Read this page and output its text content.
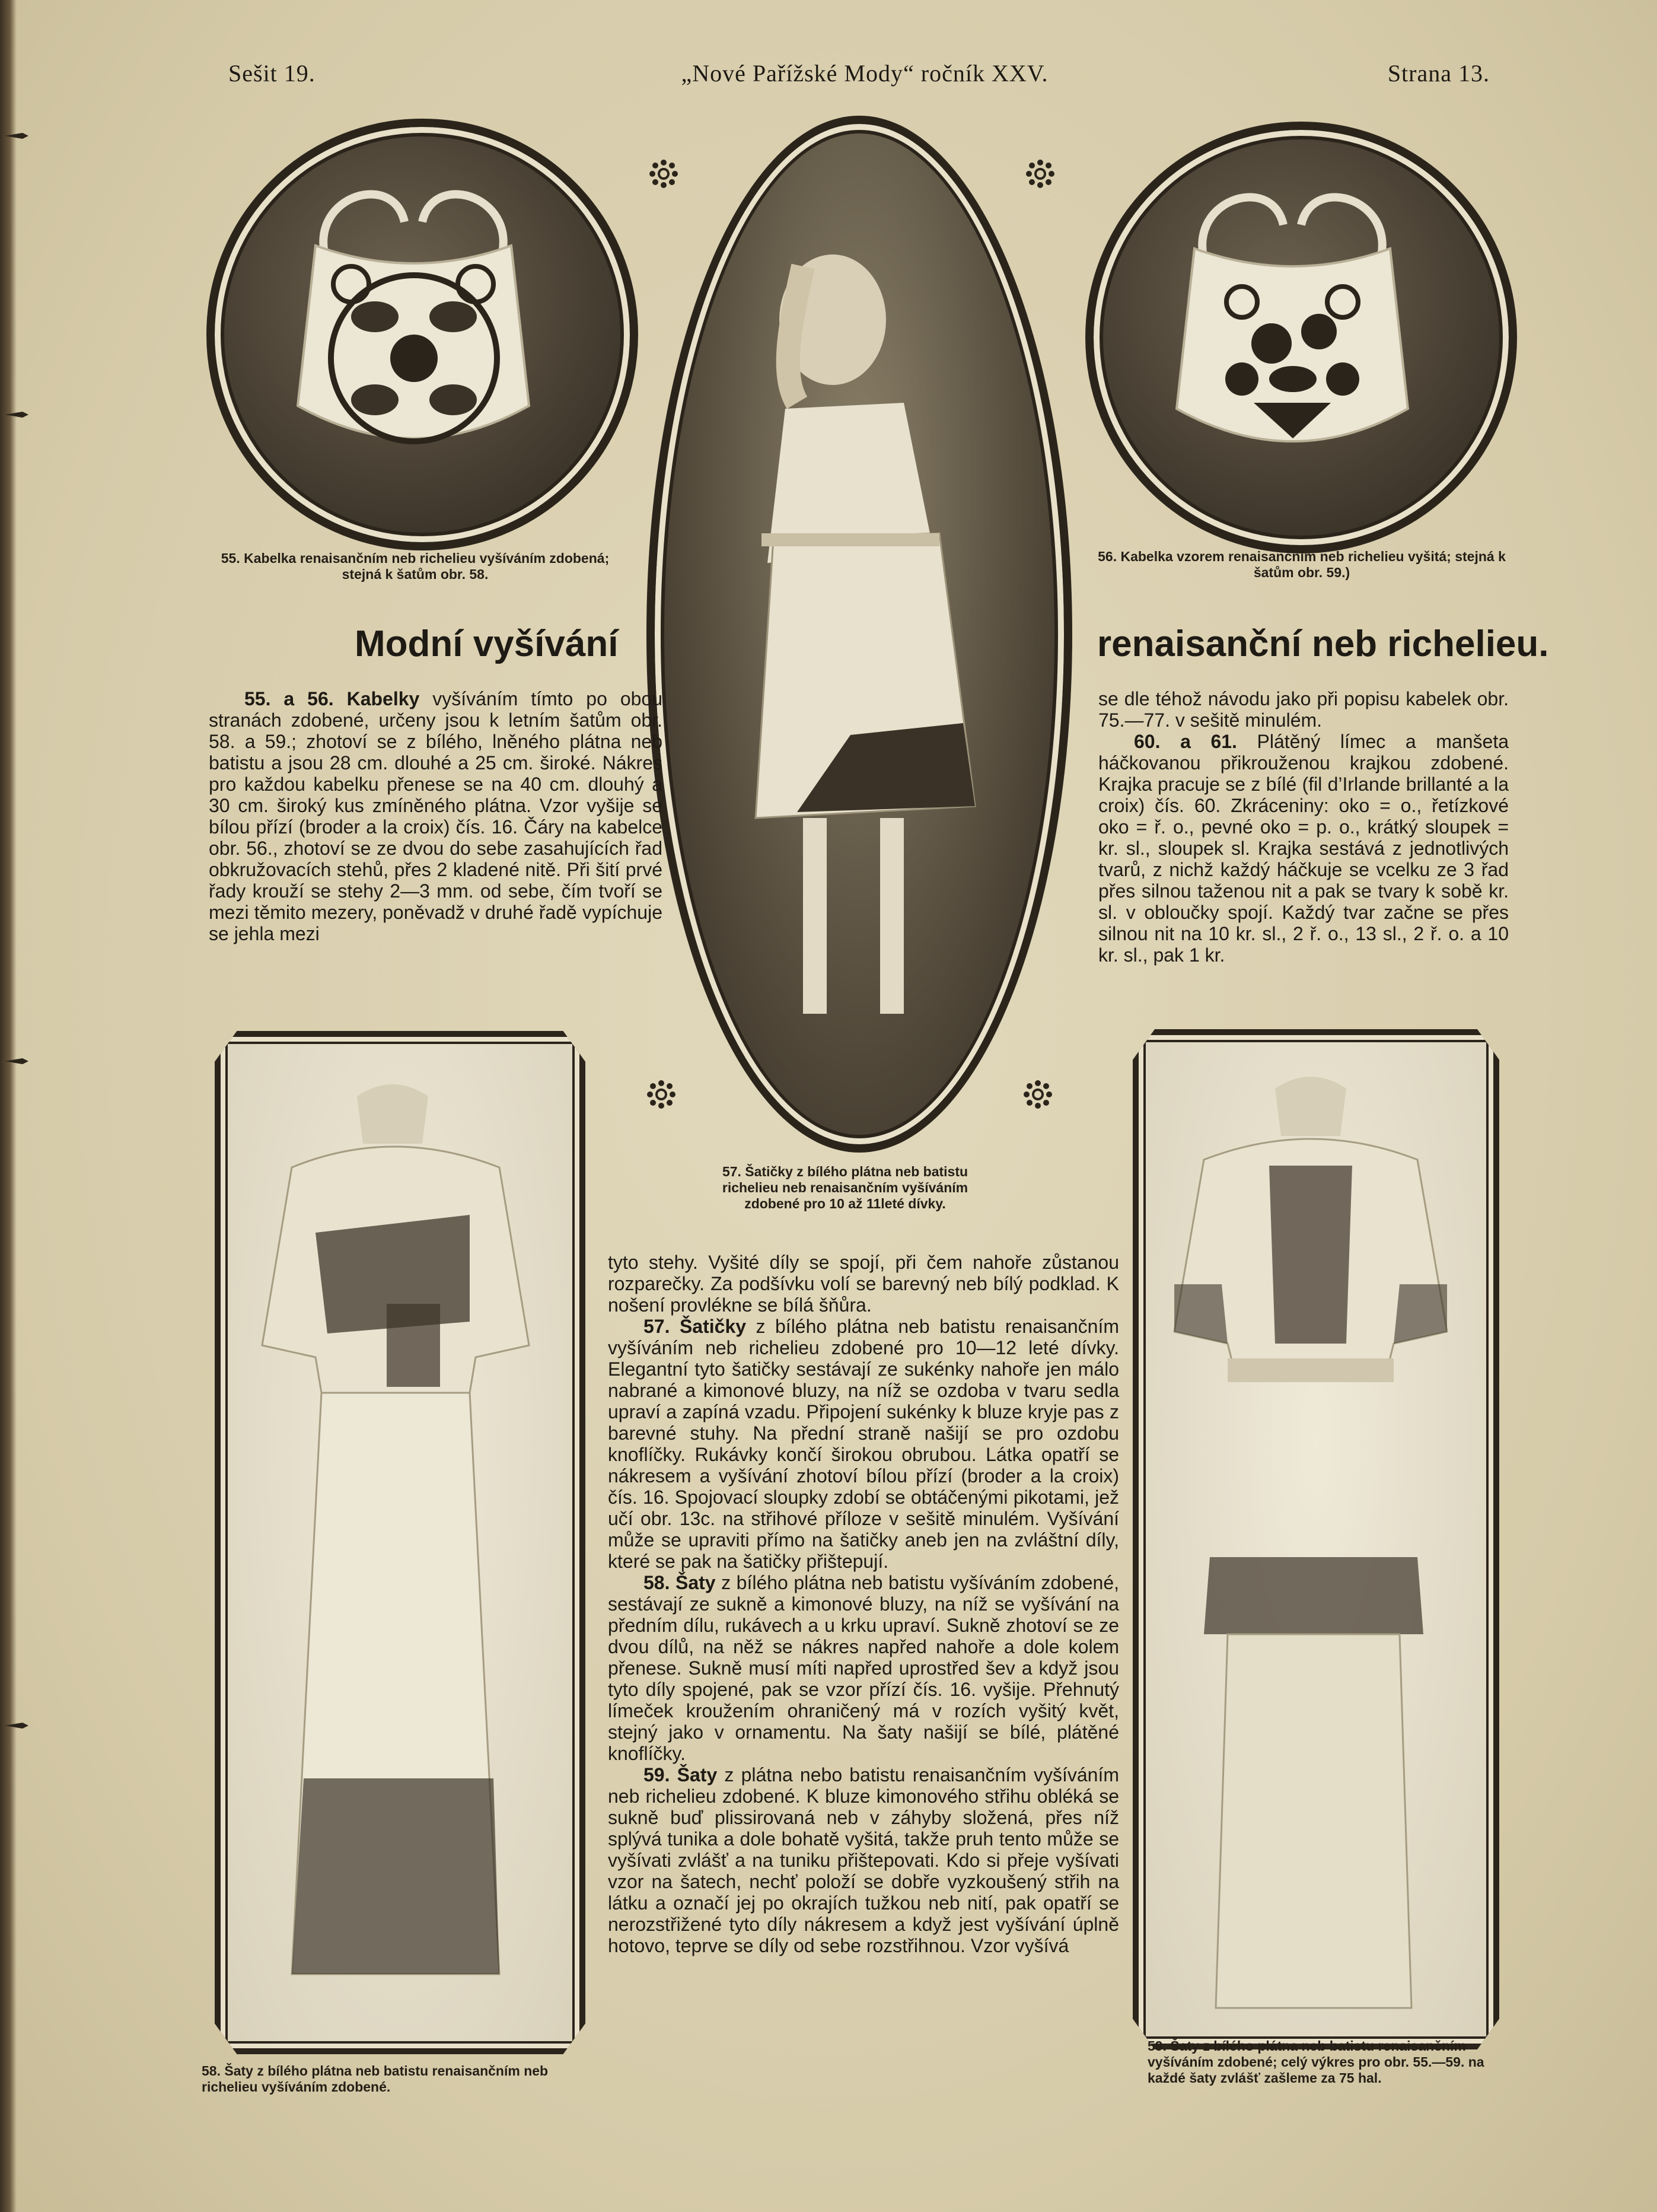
Sešit 19.	„Nové Pařížské Mody“ ročník XXV.	Strana 13.
55. Kabelka renaisančním neb richelieu vyšíváním zdobená; stejná k šatům obr. 58.
57. Šatičky z bílého plátna neb batistu richelieu neb renaisančním vyšíváním zdobené pro 10 až 11leté dívky.
56. Kabelka vzorem renaisančním neb richelieu vyšitá; stejná k šatům obr. 59.)
Modní vyšívání	renaisanční neb richelieu.

55. a 56. Kabelky vyšíváním tímto po obou stranách zdobené, určeny jsou k letním šatům obr. 58. a 59.; zhotoví se z bílého, lněného plátna neb batistu a jsou 28 cm. dlouhé a 25 cm. široké. Nákres pro každou kabelku přenese se na 40 cm. dlouhý a 30 cm. široký kus zmíněného plátna. Vzor vyšije se bílou přízí (broder a la croix) čís. 16. Čáry na kabelce obr. 56., zhotoví se ze dvou do sebe zasahujících řad obkružovacích stehů, přes 2 kladené nitě. Při šití prvé řady krouží se stehy 2—3 mm. od sebe, čím tvoří se mezi těmito mezery, poněvadž v druhé řadě vypíchuje se jehla mezi

se dle téhož návodu jako při popisu kabelek obr. 75.—77. v sešitě minulém.

60. a 61. Plátěný límec a manšeta háčkovanou přikrouženou krajkou zdobené. Krajka pracuje se z bílé (fil d’Irlande brillanté a la croix) čís. 60. Zkráceniny: oko = o., řetízkové oko = ř. o., pevné oko = p. o., krátký sloupek = kr. sl., sloupek sl. Krajka sestává z jednotlivých tvarů, z nichž každý háčkuje se vcelku ze 3 řad přes silnou taženou nit a pak se tvary k sobě kr. sl. v obloučky spojí. Každý tvar začne se přes silnou nit na 10 kr. sl., 2 ř. o., 13 sl., 2 ř. o. a 10 kr. sl., pak 1 kr.

58. Šaty z bílého plátna neb batistu renaisančním neb richelieu vyšíváním zdobené.

tyto stehy. Vyšité díly se spojí, při čem nahoře zůstanou rozparečky. Za podšívku volí se barevný neb bílý podklad. K nošení provlékne se bílá šňůra.

57. Šatičky z bílého plátna neb batistu renaisančním vyšíváním neb richelieu zdobené pro 10—12 leté dívky. Elegantní tyto šatičky sestávají ze sukénky nahoře jen málo nabrané a kimonové bluzy, na níž se ozdoba v tvaru sedla upraví a zapíná vzadu. Připojení sukénky k bluze kryje pas z barevné stuhy. Na přední straně našijí se pro ozdobu knoflíčky. Rukávky končí širokou obrubou. Látka opatří se nákresem a vyšívání zhotoví bílou přízí (broder a la croix) čís. 16. Spojovací sloupky zdobí se obtáčenými pikotami, jež učí obr. 13c. na střihové příloze v sešitě minulém. Vyšívání může se upraviti přímo na šatičky aneb jen na zvláštní díly, které se pak na šatičky přištepují.

58. Šaty z bílého plátna neb batistu vyšíváním zdobené, sestávají ze sukně a kimonové bluzy, na níž se vyšívání na předním dílu, rukávech a u krku upraví. Sukně zhotoví se ze dvou dílů, na něž se nákres napřed nahoře a dole kolem přenese. Sukně musí míti napřed uprostřed šev a když jsou tyto díly spojené, pak se vzor přízí čís. 16. vyšije. Přehnutý límeček kroužením ohraničený má v rozích vyšitý květ, stejný jako v ornamentu. Na šaty našijí se bílé, plátěné knoflíčky.

59. Šaty z plátna nebo batistu renaisančním vyšíváním neb richelieu zdobené. K bluze kimonového střihu obléká se sukně buď plissirovaná neb v záhyby složená, přes níž splývá tunika a dole bohatě vyšitá, takže pruh tento může se vyšívati zvlášť a na tuniku přištepovati. Kdo si přeje vyšívati vzor na šatech, nechť položí se dobře vyzkoušený střih na látku a označí jej po okrajích tužkou neb nití, pak opatří se nerozstřižené tyto díly nákresem a když jest vyšívání úplně hotovo, teprve se díly od sebe rozstřihnou. Vzor vyšívá

59. Šaty z bílého plátna neb batistu renaisančním vyšíváním zdobené; celý výkres pro obr. 55.—59. na každé šaty zvlášť zašleme za 75 hal.
